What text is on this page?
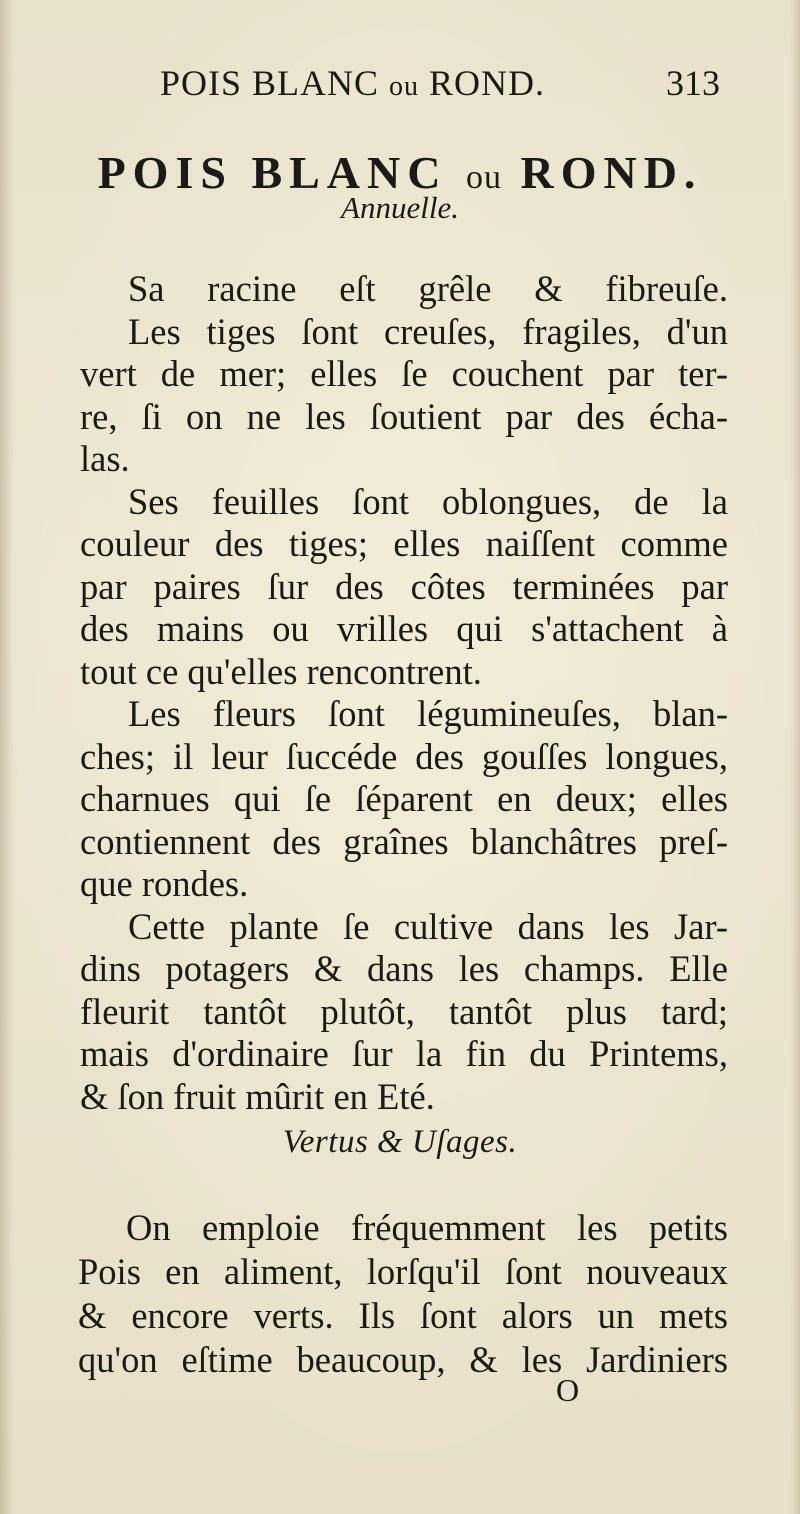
POIS BLANC ou ROND.	313
POIS BLANC ou ROND.
Annuelle.
Sa racine eſt grêle & fibreuſe.
Les tiges ſont creuſes, fragiles, d'un
vert de mer; elles ſe couchent par ter-
re, ſi on ne les ſoutient par des écha-
las.
Ses feuilles ſont oblongues, de la
couleur des tiges; elles naiſſent comme
par paires ſur des côtes terminées par
des mains ou vrilles qui s'attachent à
tout ce qu'elles rencontrent.
Les fleurs ſont légumineuſes, blan-
ches; il leur ſuccéde des gouſſes longues,
charnues qui ſe ſéparent en deux; elles
contiennent des graînes blanchâtres preſ-
que rondes.
Cette plante ſe cultive dans les Jar-
dins potagers & dans les champs. Elle
fleurit tantôt plutôt, tantôt plus tard;
mais d'ordinaire ſur la fin du Printems,
& ſon fruit mûrit en Eté.
Vertus & Uſages.
On emploie fréquemment les petits
Pois en aliment, lorſqu'il ſont nouveaux
& encore verts. Ils ſont alors un mets
qu'on eſtime beaucoup, & les Jardiniers
O
